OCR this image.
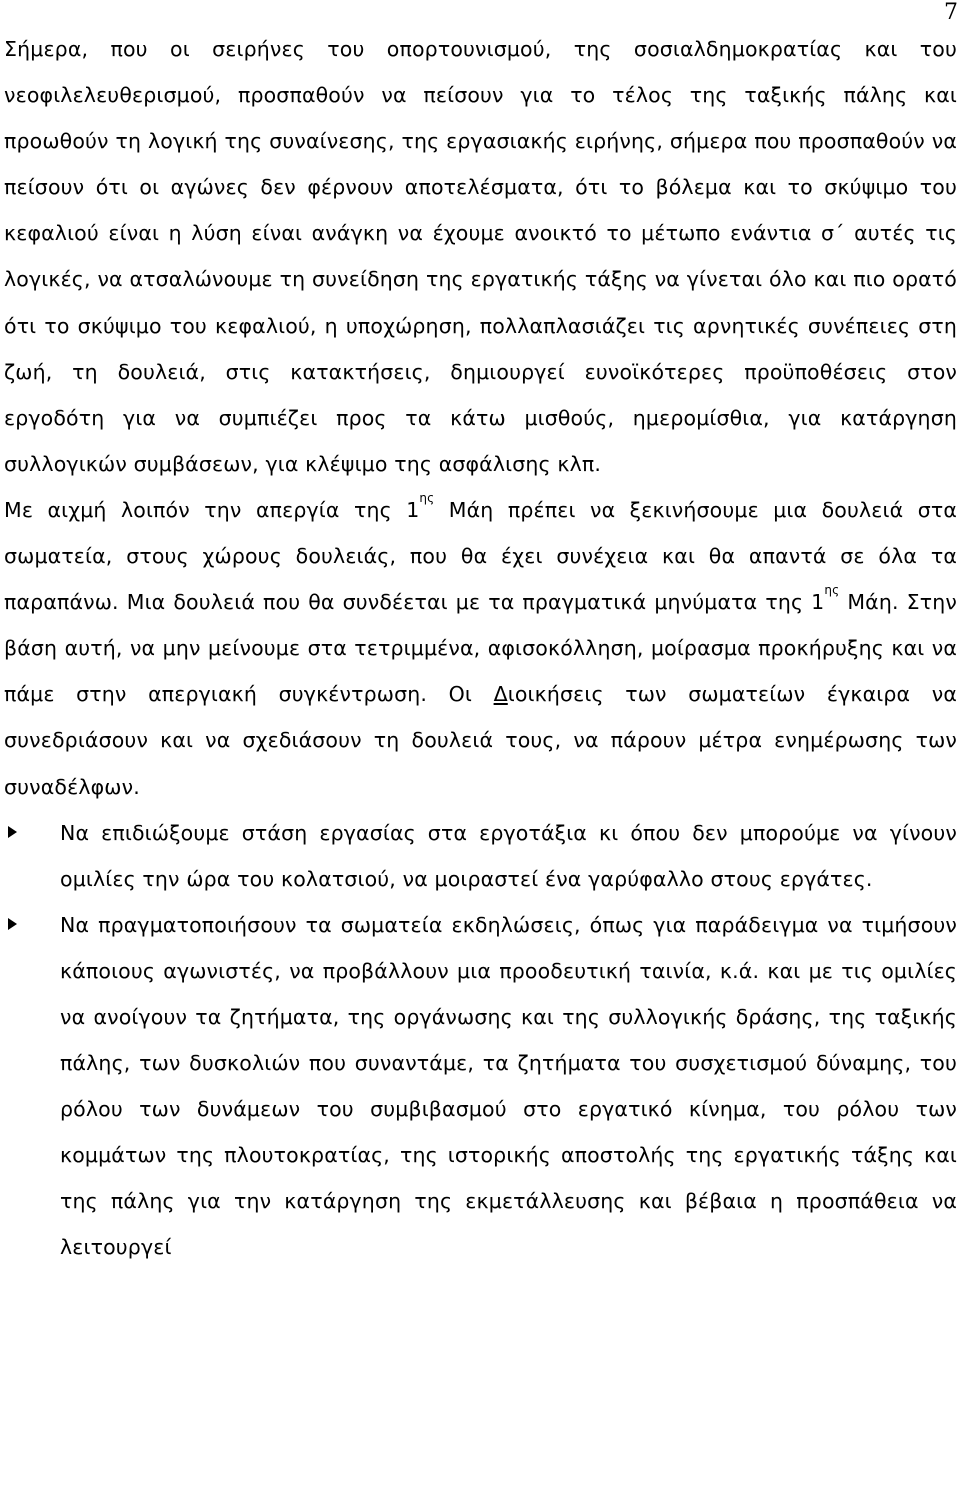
7

Σήμερα, που οι σειρήνες του οπορτουνισμού, της σοσιαλδημοκρατίας και του νεοφιλελευθερισμού, προσπαθούν να πείσουν για το τέλος της ταξικής πάλης και προωθούν τη λογική της συναίνεσης, της εργασιακής ειρήνης, σήμερα που προσπαθούν να πείσουν ότι οι αγώνες δεν φέρνουν αποτελέσματα, ότι το βόλεμα και το σκύψιμο του κεφαλιού είναι η λύση είναι ανάγκη να έχουμε ανοικτό το μέτωπο ενάντια σ΄ αυτές τις λογικές, να ατσαλώνουμε τη συνείδηση της εργατικής τάξης να γίνεται όλο και πιο ορατό ότι το σκύψιμο του κεφαλιού, η υποχώρηση, πολλαπλασιάζει τις αρνητικές συνέπειες στη ζωή, τη δουλειά, στις κατακτήσεις, δημιουργεί ευνοϊκότερες προϋποθέσεις στον εργοδότη για να συμπιέζει προς τα κάτω μισθούς, ημερομίσθια, για κατάργηση συλλογικών συμβάσεων, για κλέψιμο της ασφάλισης κλπ.

Με αιχμή λοιπόν την απεργία της $1^{\eta\varsigma}$ Μάη πρέπει να ξεκινήσουμε μια δουλειά στα σωματεία, στους χώρους δουλειάς, που θα έχει συνέχεια και θα απαντά σε όλα τα παραπάνω. Μια δουλειά που θα συνδέεται με τα πραγματικά μηνύματα της $1^{\eta\varsigma}$ Μάη. Στην βάση αυτή, να μην μείνουμε στα τετριμμένα, αφισοκόλληση, μοίρασμα προκήρυξης και να πάμε στην απεργιακή συγκέντρωση. Οι Διοικήσεις των σωματείων έγκαιρα να συνεδριάσουν και να σχεδιάσουν τη δουλειά τους, να πάρουν μέτρα ενημέρωσης των συναδέλφων.

Να επιδιώξουμε στάση εργασίας στα εργοτάξια κι όπου δεν μπορούμε να γίνουν ομιλίες την ώρα του κολατσιού, να μοιραστεί ένα γαρύφαλλο στους εργάτες.

Να πραγματοποιήσουν τα σωματεία εκδηλώσεις, όπως για παράδειγμα να τιμήσουν κάποιους αγωνιστές, να προβάλλουν μια προοδευτική ταινία, κ.ά. και με τις ομιλίες να ανοίγουν τα ζητήματα, της οργάνωσης και της συλλογικής δράσης, της ταξικής πάλης, των δυσκολιών που συναντάμε, τα ζητήματα του συσχετισμού δύναμης, του ρόλου των δυνάμεων του συμβιβασμού στο εργατικό κίνημα, του ρόλου των κομμάτων της πλουτοκρατίας, της ιστορικής αποστολής της εργατικής τάξης και της πάλης για την κατάργηση της εκμετάλλευσης και βέβαια η προσπάθεια να λειτουργεί
